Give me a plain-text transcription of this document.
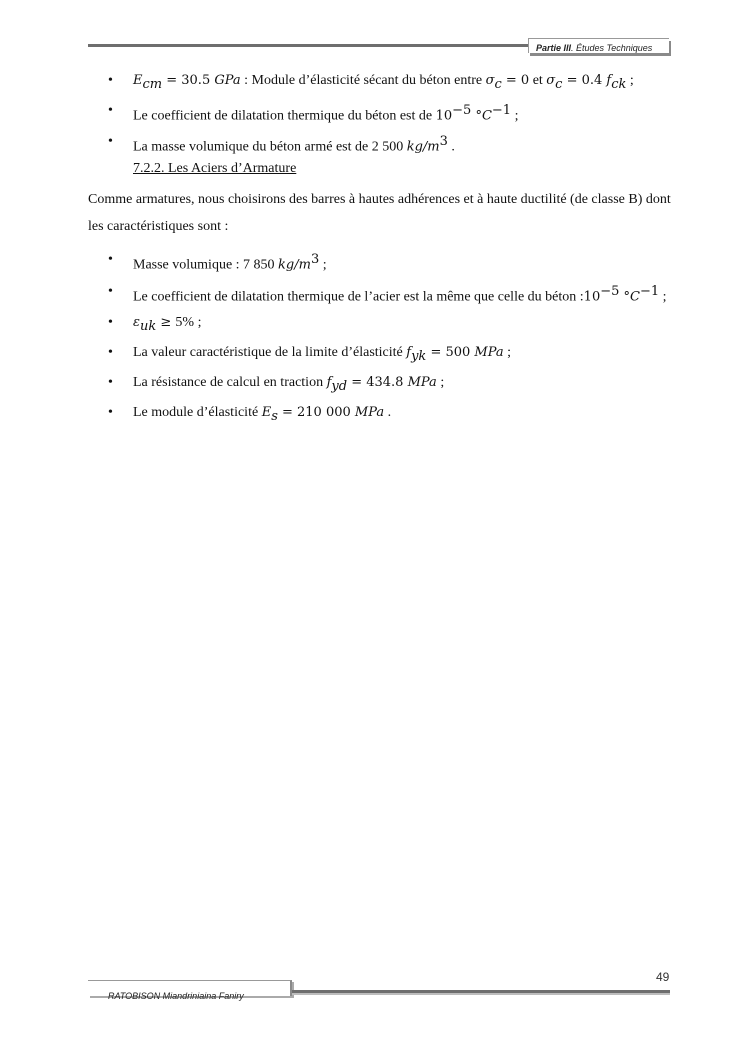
Partie III. Études Techniques
• $E_{cm} = 30.5$ GPa : Module d’élasticité sécant du béton entre $\sigma_c = 0$ et $\sigma_c = 0.4$ $f_{ck}$ ;
• Le coefficient de dilatation thermique du béton est de $10^{-5}$ $^\circ C^{-1}$ ;
• La masse volumique du béton armé est de 2 500 $kg/m^3$ .
7.2.2. Les Aciers d’Armature
Comme armatures, nous choisirons des barres à hautes adhérences et à haute ductilité (de classe B) dont les caractéristiques sont :
• Masse volumique : 7 850 $kg/m^3$ ;
• Le coefficient de dilatation thermique de l’acier est la même que celle du béton $:10^{-5}$ $^\circ C^{-1}$ ;
• $\varepsilon_{uk} \ge 5\%$ ;
• La valeur caractéristique de la limite d’élasticité $f_{yk} = 500$ MPa ;
• La résistance de calcul en traction $f_{yd} = 434.8$ MPa ;
• Le module d’élasticité $E_s = 210$ 000 MPa .
49
RATOBISON Miandriniaina Faniry
